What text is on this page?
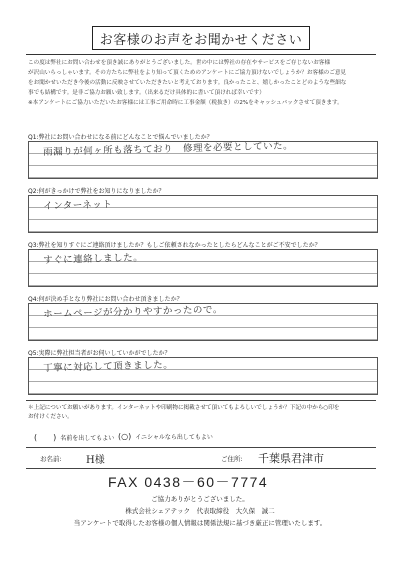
お客様のお声をお聞かせください

この度は弊社にお問い合わせを頂き誠にありがとうございました。世の中には弊社の存在やサービスをご存じないお客様

が沢山いらっしゃいます。その方たちに弊社をより知って頂くためのアンケートにご協力頂けないでしょうか？お客様のご意見

をお聞かせいただき今後の活動に反映させていただきたいと考えております。良かったこと、嬉しかったことどのような些細な

事でも結構です。是非ご協力お願い致します。（出来るだけ具体的に書いて頂ければ幸いです）

※本アンケートにご協力いただいたお客様には工事ご用命時に工事金額（税抜き）の2%をキャッシュバックさせて頂きます。

Q1:弊社にお問い合わせになる前にどんなことで悩んでいましたか？
雨漏りが何ヶ所も落ちており　修理を必要としていた。
Q2:何がきっかけで弊社をお知りになりましたか？
インターネット
Q3:弊社を知りすぐにご連絡頂けましたか？もしご依頼されなかったとしたらどんなことがご不安でしたか？
すぐに連絡しました。
Q4:何が決め手となり弊社にお問い合わせ頂きましたか？
ホームページが分かりやすかったので。
Q5:実際に弊社担当者がお伺いしていかがでしたか？
丁寧に対応して頂きました。
＊上記についてお願いがあります。インターネットや印刷物に掲載させて頂いてもよろしいでしょうか？下記の中から○印を
お付けください。
(　　) 名前を出してもよい (○) イニシャルなら出してもよい
お名前: H様	ご住所: 千葉県君津市
FAX 0438－60－7774
ご協力ありがとうございました。
株式会社シェアテック　代表取締役　大久保　誠二
当アンケートで取得したお客様の個人情報は関係法規に基づき厳正に管理いたします。
